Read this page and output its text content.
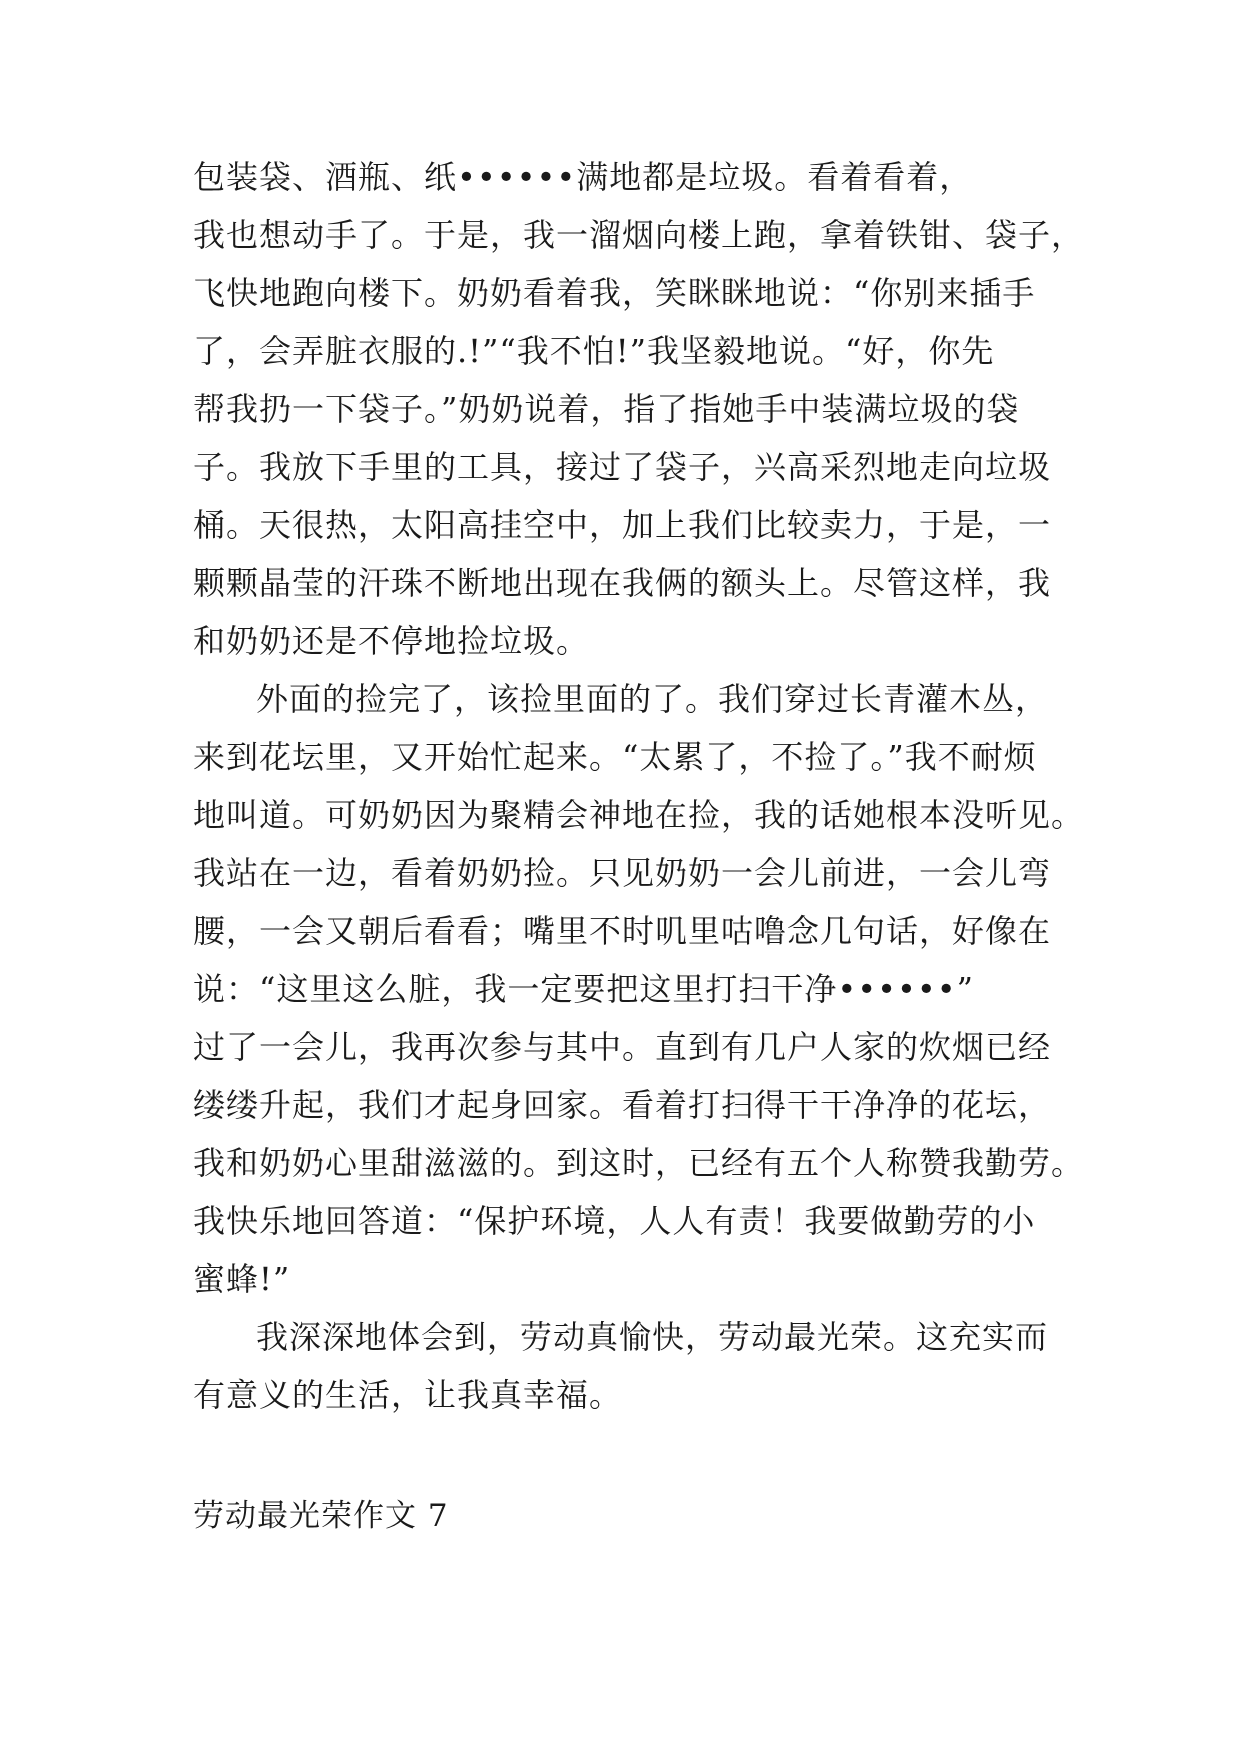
包装袋、酒瓶、纸••••••满地都是垃圾。看着看着，
我也想动手了。于是，我一溜烟向楼上跑，拿着铁钳、袋子，
飞快地跑向楼下。奶奶看着我，笑眯眯地说：“你别来插手
了，会弄脏衣服的.!”“我不怕!”我坚毅地说。“好，你先
帮我扔一下袋子。”奶奶说着，指了指她手中装满垃圾的袋
子。我放下手里的工具，接过了袋子，兴高采烈地走向垃圾
桶。天很热，太阳高挂空中，加上我们比较卖力，于是，一
颗颗晶莹的汗珠不断地出现在我俩的额头上。尽管这样，我
和奶奶还是不停地捡垃圾。
外面的捡完了，该捡里面的了。我们穿过长青灌木丛，
来到花坛里，又开始忙起来。“太累了，不捡了。”我不耐烦
地叫道。可奶奶因为聚精会神地在捡，我的话她根本没听见。
我站在一边，看着奶奶捡。只见奶奶一会儿前进，一会儿弯
腰，一会又朝后看看；嘴里不时叽里咕噜念几句话，好像在
说：“这里这么脏，我一定要把这里打扫干净••••••”
过了一会儿，我再次参与其中。直到有几户人家的炊烟已经
缕缕升起，我们才起身回家。看着打扫得干干净净的花坛，
我和奶奶心里甜滋滋的。到这时，已经有五个人称赞我勤劳。
我快乐地回答道：“保护环境，人人有责！我要做勤劳的小
蜜蜂!”
我深深地体会到，劳动真愉快，劳动最光荣。这充实而
有意义的生活，让我真幸福。
劳动最光荣作文 7
